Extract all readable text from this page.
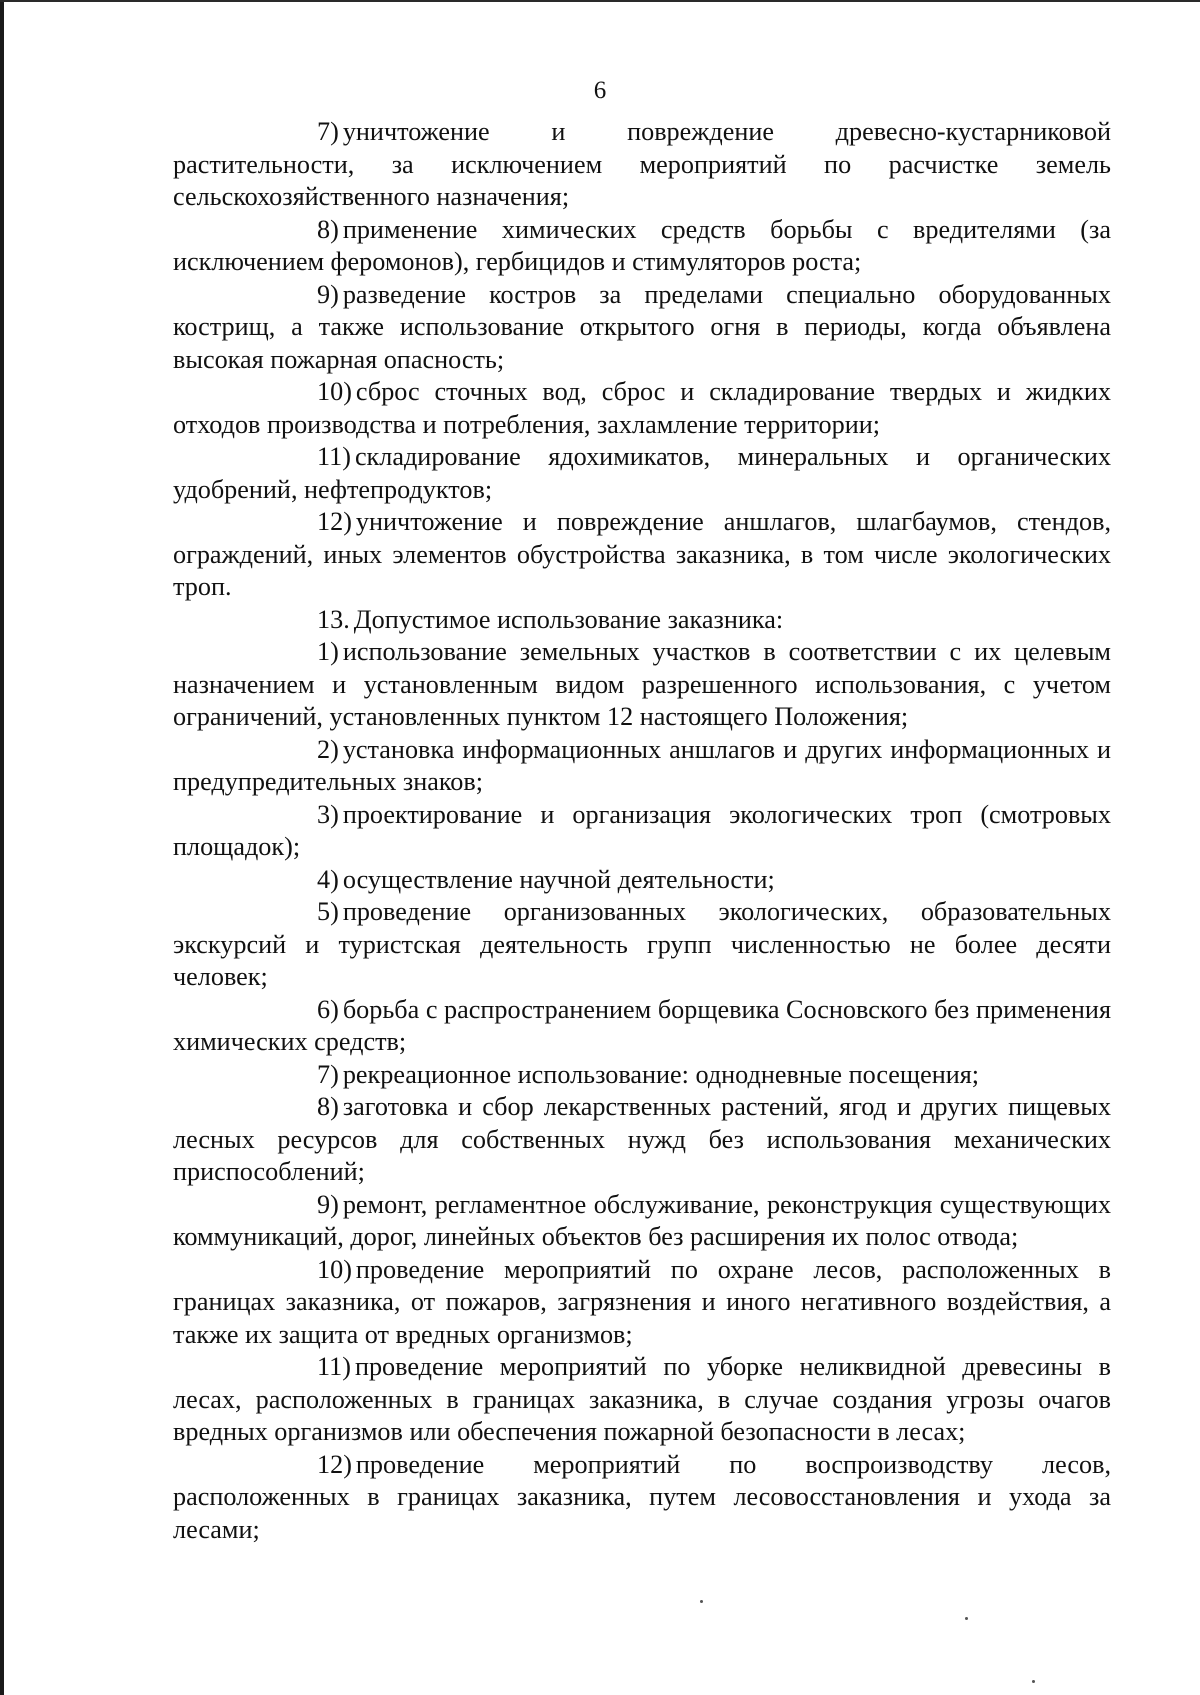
6

7) уничтожение и повреждение древесно-кустарниковой растительности, за исключением мероприятий по расчистке земель сельскохозяйственного назначения;

8) применение химических средств борьбы с вредителями (за исключением феромонов), гербицидов и стимуляторов роста;

9) разведение костров за пределами специально оборудованных кострищ, а также использование открытого огня в периоды, когда объявлена высокая пожарная опасность;

10) сброс сточных вод, сброс и складирование твердых и жидких отходов производства и потребления, захламление территории;

11) складирование ядохимикатов, минеральных и органических удобрений, нефтепродуктов;

12) уничтожение и повреждение аншлагов, шлагбаумов, стендов, ограждений, иных элементов обустройства заказника, в том числе экологических троп.

13. Допустимое использование заказника:

1) использование земельных участков в соответствии с их целевым назначением и установленным видом разрешенного использования, с учетом ограничений, установленных пунктом 12 настоящего Положения;

2) установка информационных аншлагов и других информационных и предупредительных знаков;

3) проектирование и организация экологических троп (смотровых площадок);

4) осуществление научной деятельности;

5) проведение организованных экологических, образовательных экскурсий и туристская деятельность групп численностью не более десяти человек;

6) борьба с распространением борщевика Сосновского без применения химических средств;

7) рекреационное использование: однодневные посещения;

8) заготовка и сбор лекарственных растений, ягод и других пищевых лесных ресурсов для собственных нужд без использования механических приспособлений;

9) ремонт, регламентное обслуживание, реконструкция существующих коммуникаций, дорог, линейных объектов без расширения их полос отвода;

10) проведение мероприятий по охране лесов, расположенных в границах заказника, от пожаров, загрязнения и иного негативного воздействия, а также их защита от вредных организмов;

11) проведение мероприятий по уборке неликвидной древесины в лесах, расположенных в границах заказника, в случае создания угрозы очагов вредных организмов или обеспечения пожарной безопасности в лесах;

12) проведение мероприятий по воспроизводству лесов, расположенных в границах заказника, путем лесовосстановления и ухода за лесами;
